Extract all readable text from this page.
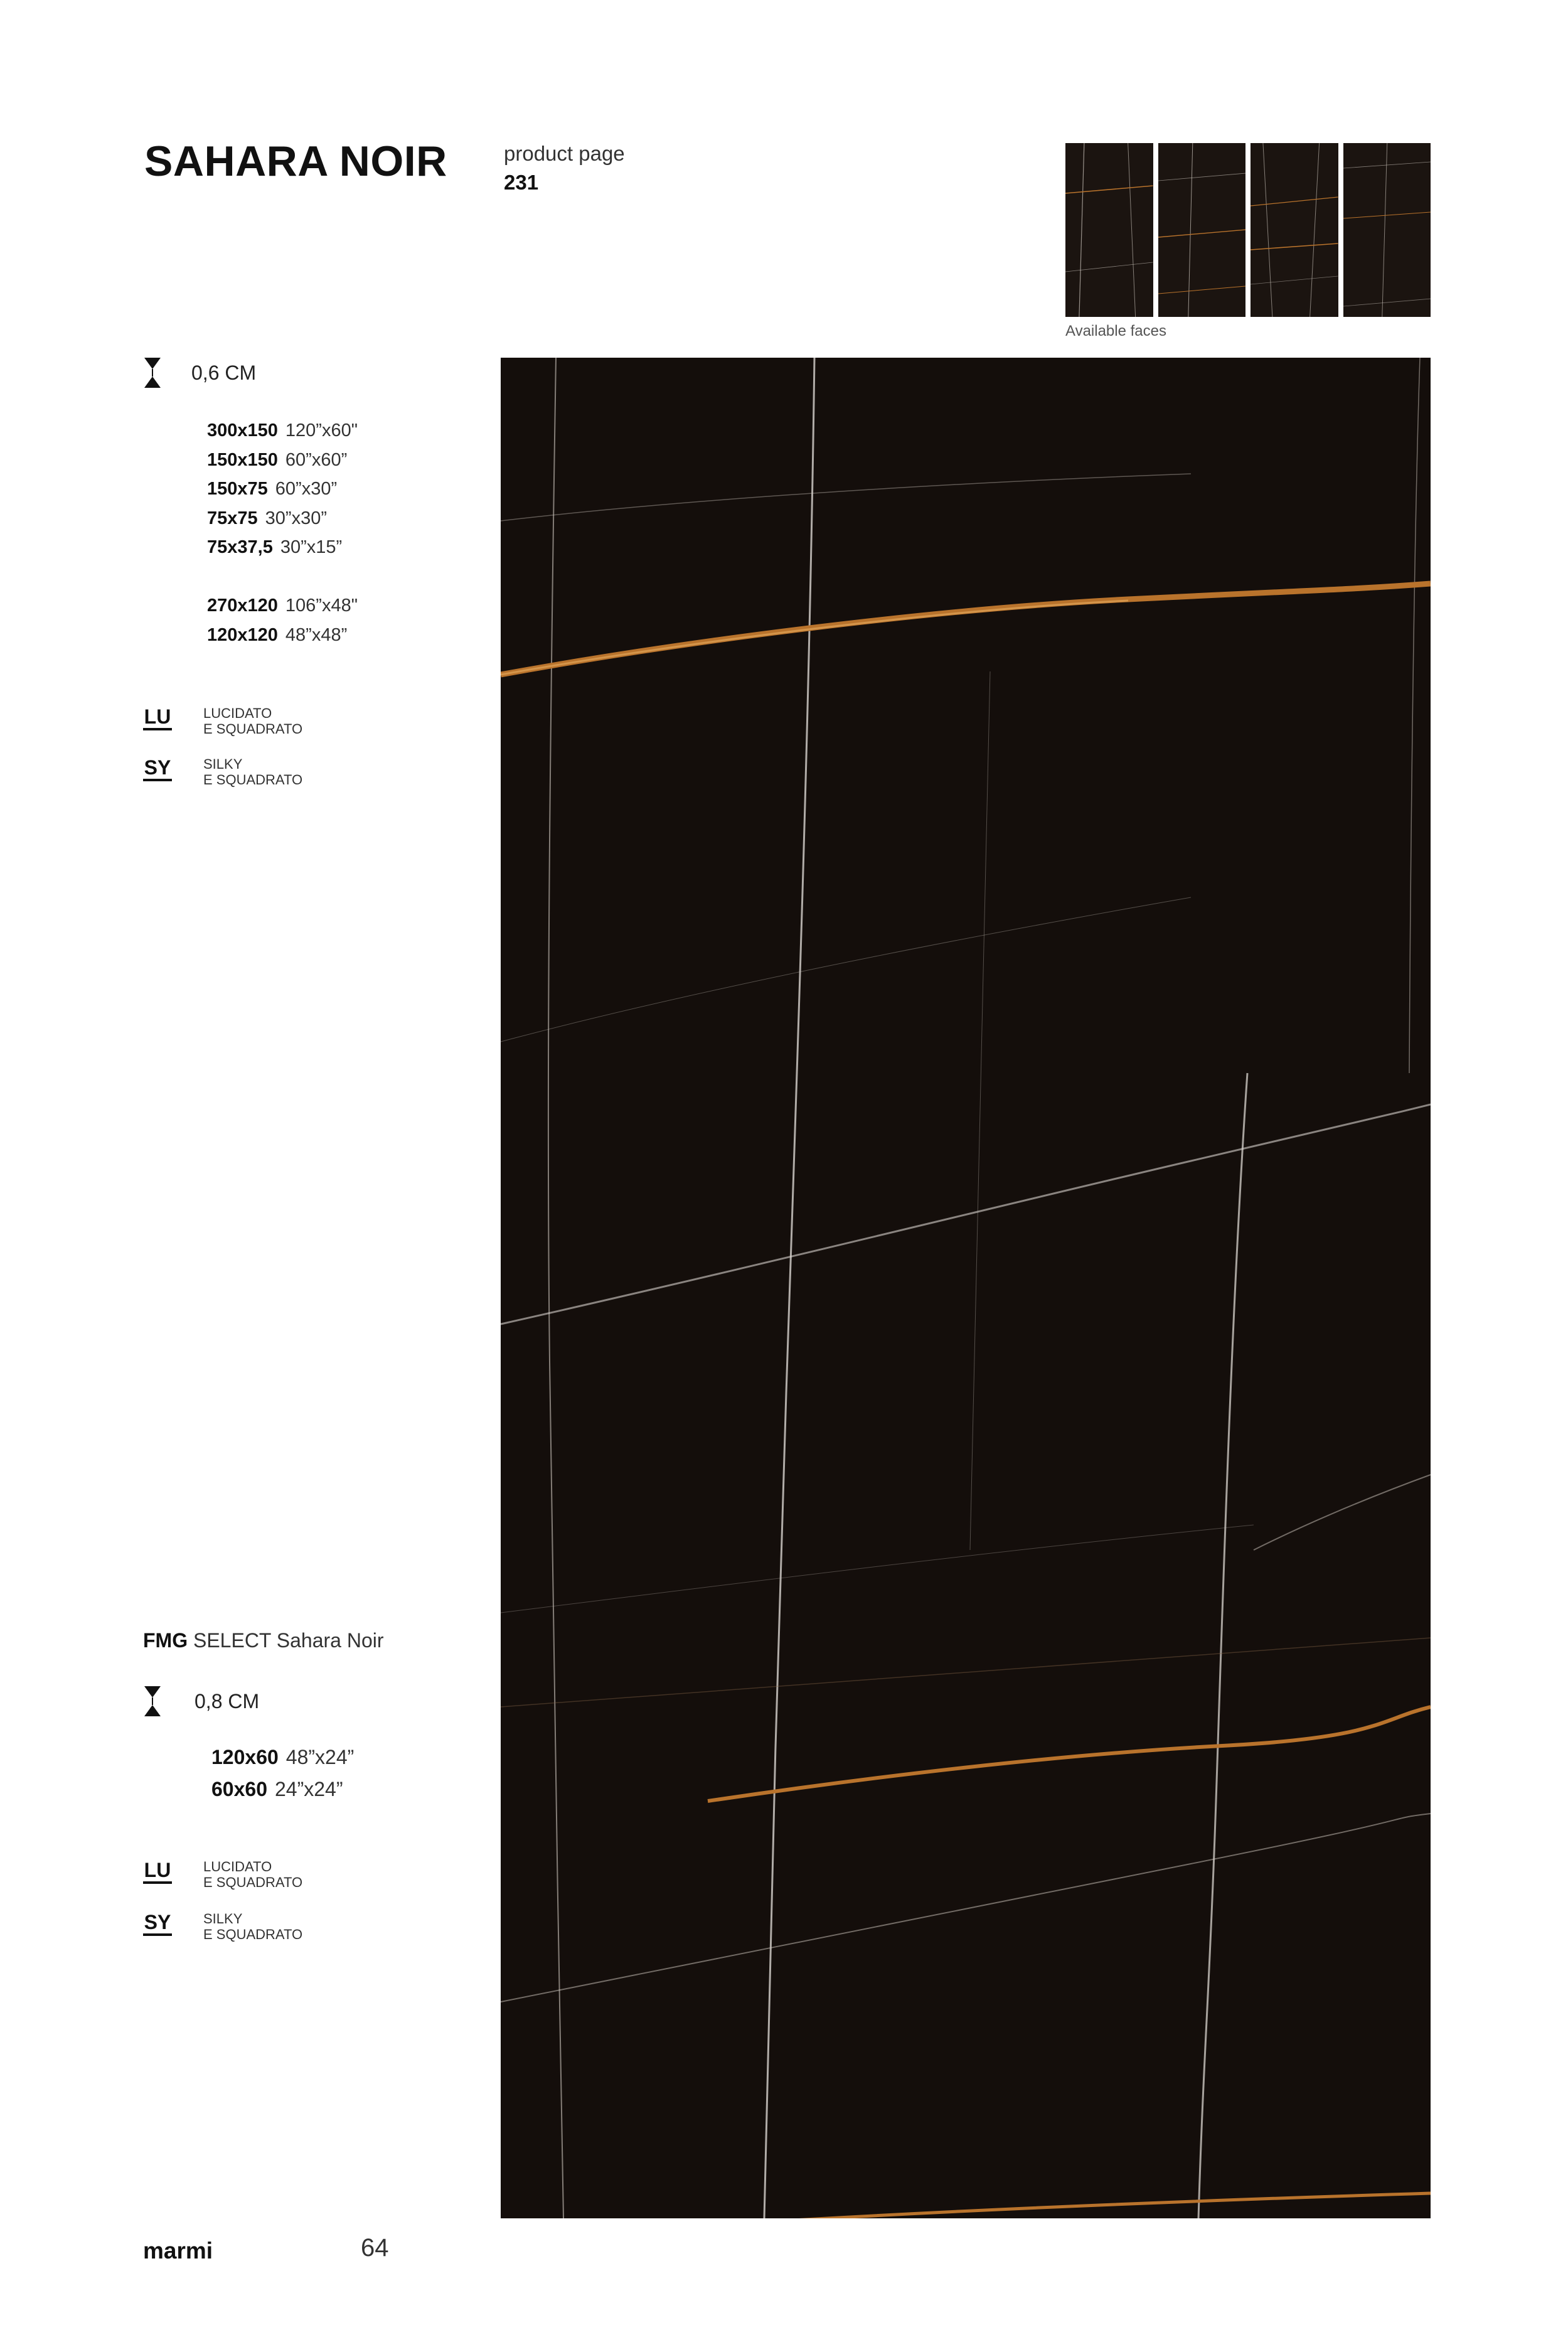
SAHARA NOIR	product page
231
Available faces
0,6 CM
300x150 120”x60"
150x150 60”x60”
150x75 60”x30”
75x75 30”x30”
75x37,5 30”x15”
270x120 106”x48"
120x120 48”x48”
LU LUCIDATO
E SQUADRATO
SY SILKY
E SQUADRATO
FMG SELECT Sahara Noir
0,8 CM
120x60 48”x24”
60x60 24”x24”
LU LUCIDATO
E SQUADRATO
SY SILKY
E SQUADRATO
marmi	64
